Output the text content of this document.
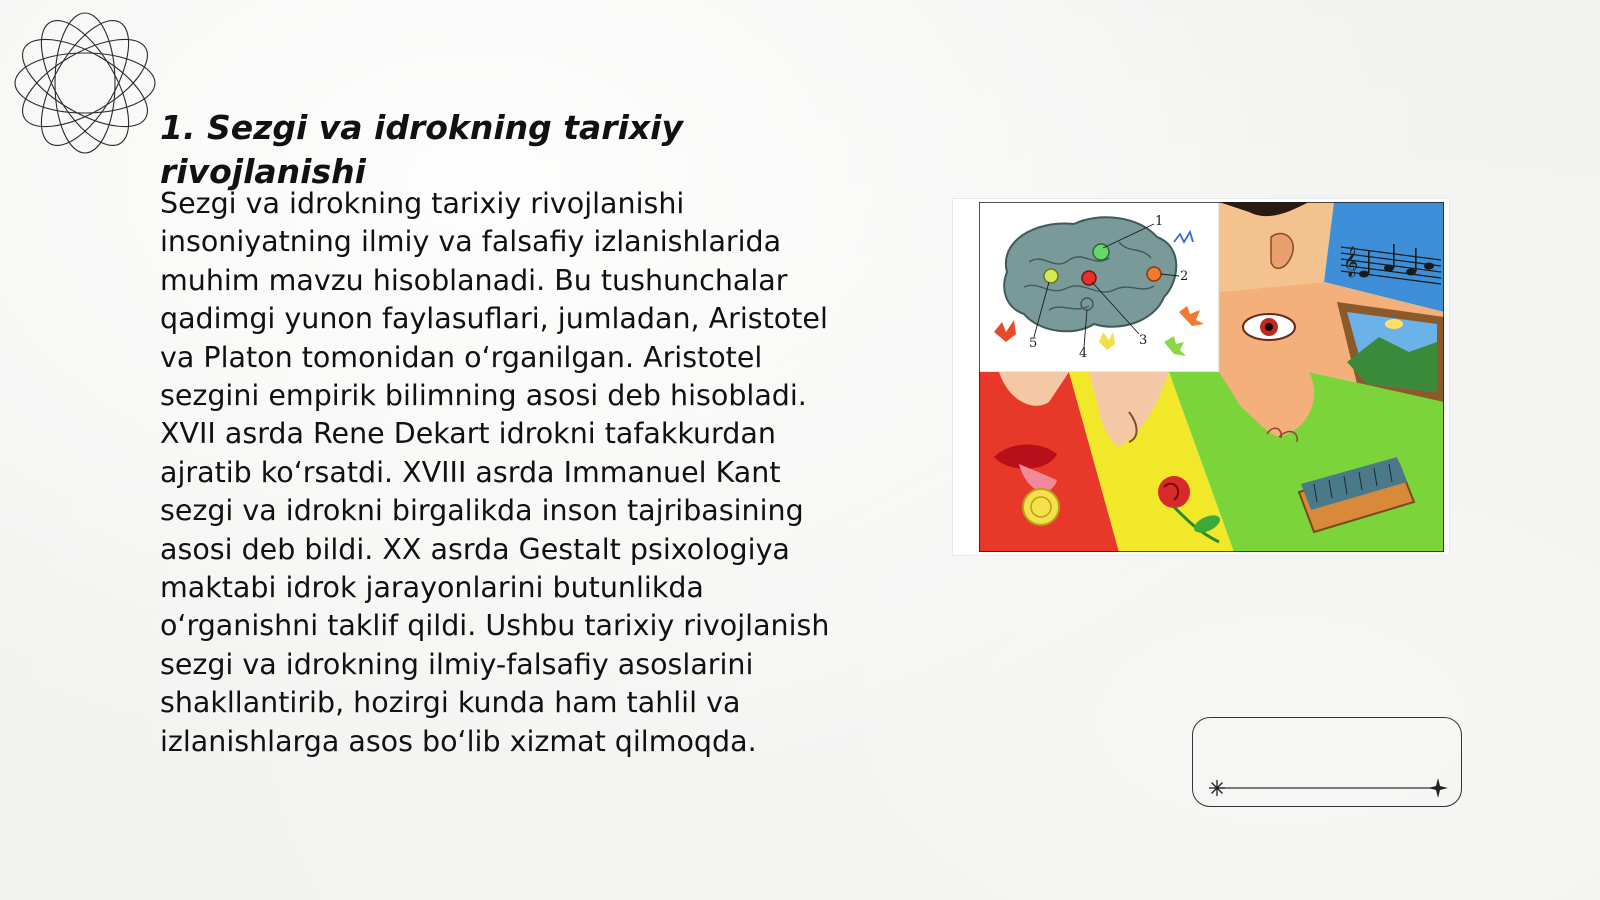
1. Sezgi va idrokning tarixiy rivojlanishi

Sezgi va idrokning tarixiy rivojlanishi insoniyatning ilmiy va falsafiy izlanishlarida muhim mavzu hisoblanadi. Bu tushunchalar qadimgi yunon faylasuflari, jumladan, Aristotel va Platon tomonidan o‘rganilgan. Aristotel sezgini empirik bilimning asosi deb hisobladi. XVII asrda Rene Dekart idrokni tafakkurdan ajratib ko‘rsatdi. XVIII asrda Immanuel Kant sezgi va idrokni birgalikda inson tajribasining asosi deb bildi. XX asrda Gestalt psixologiya maktabi idrok jarayonlarini butunlikda o‘rganishni taklif qildi. Ushbu tarixiy rivojlanish sezgi va idrokning ilmiy-falsafiy asoslarini shakllantirib, hozirgi kunda ham tahlil va izlanishlarga asos bo‘lib xizmat qilmoqda.

𝄞
1
2
3
4
5
